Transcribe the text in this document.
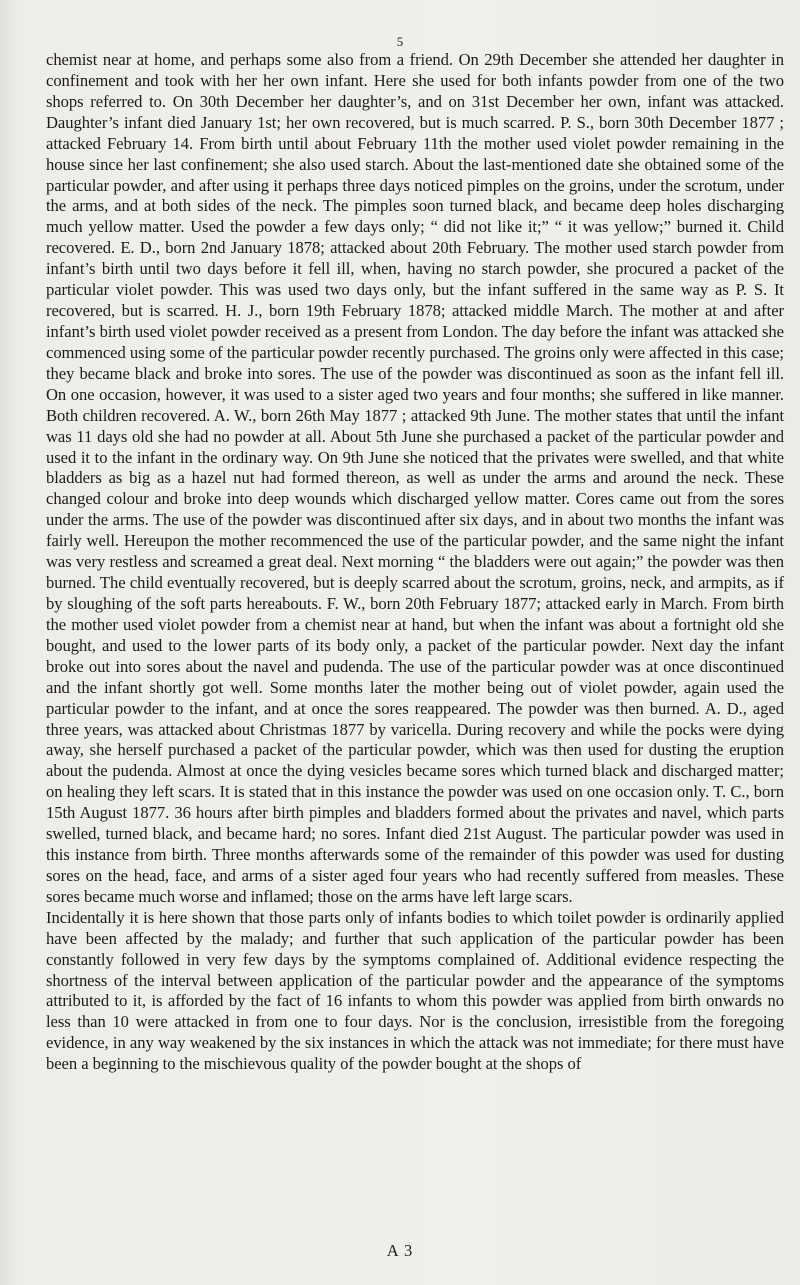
5

chemist near at home, and perhaps some also from a friend. On 29th December she attended her daughter in confinement and took with her her own infant. Here she used for both infants powder from one of the two shops referred to. On 30th December her daughter’s, and on 31st December her own, infant was attacked. Daughter’s infant died January 1st; her own recovered, but is much scarred. P. S., born 30th December 1877 ; attacked February 14. From birth until about February 11th the mother used violet powder remaining in the house since her last confinement; she also used starch. About the last-mentioned date she obtained some of the particular powder, and after using it perhaps three days noticed pimples on the groins, under the scrotum, under the arms, and at both sides of the neck. The pimples soon turned black, and became deep holes discharging much yellow matter. Used the powder a few days only; “ did not like it;” “ it was yellow;” burned it. Child recovered. E. D., born 2nd January 1878; attacked about 20th February. The mother used starch powder from infant’s birth until two days before it fell ill, when, having no starch powder, she procured a packet of the particular violet powder. This was used two days only, but the infant suffered in the same way as P. S. It recovered, but is scarred. H. J., born 19th February 1878; attacked middle March. The mother at and after infant’s birth used violet powder received as a present from London. The day before the infant was attacked she commenced using some of the particular powder recently purchased. The groins only were affected in this case; they became black and broke into sores. The use of the powder was discontinued as soon as the infant fell ill. On one occasion, however, it was used to a sister aged two years and four months; she suffered in like manner. Both children recovered. A. W., born 26th May 1877 ; attacked 9th June. The mother states that until the infant was 11 days old she had no powder at all. About 5th June she purchased a packet of the particular powder and used it to the infant in the ordinary way. On 9th June she noticed that the privates were swelled, and that white bladders as big as a hazel nut had formed thereon, as well as under the arms and around the neck. These changed colour and broke into deep wounds which discharged yellow matter. Cores came out from the sores under the arms. The use of the powder was discontinued after six days, and in about two months the infant was fairly well. Hereupon the mother recommenced the use of the particular powder, and the same night the infant was very restless and screamed a great deal. Next morning “ the bladders were out again;” the powder was then burned. The child eventually recovered, but is deeply scarred about the scrotum, groins, neck, and armpits, as if by sloughing of the soft parts hereabouts. F. W., born 20th February 1877; attacked early in March. From birth the mother used violet powder from a chemist near at hand, but when the infant was about a fortnight old she bought, and used to the lower parts of its body only, a packet of the particular powder. Next day the infant broke out into sores about the navel and pudenda. The use of the particular powder was at once discontinued and the infant shortly got well. Some months later the mother being out of violet powder, again used the particular powder to the infant, and at once the sores reappeared. The powder was then burned. A. D., aged three years, was attacked about Christmas 1877 by varicella. During recovery and while the pocks were dying away, she herself purchased a packet of the particular powder, which was then used for dusting the eruption about the pudenda. Almost at once the dying vesicles became sores which turned black and discharged matter; on healing they left scars. It is stated that in this instance the powder was used on one occasion only. T. C., born 15th August 1877. 36 hours after birth pimples and bladders formed about the privates and navel, which parts swelled, turned black, and became hard; no sores. Infant died 21st August. The particular powder was used in this instance from birth. Three months afterwards some of the remainder of this powder was used for dusting sores on the head, face, and arms of a sister aged four years who had recently suffered from measles. These sores became much worse and inflamed; those on the arms have left large scars.

Incidentally it is here shown that those parts only of infants bodies to which toilet powder is ordinarily applied have been affected by the malady; and further that such application of the particular powder has been constantly followed in very few days by the symptoms complained of. Additional evidence respecting the shortness of the interval between application of the particular powder and the appearance of the symptoms attributed to it, is afforded by the fact of 16 infants to whom this powder was applied from birth onwards no less than 10 were attacked in from one to four days. Nor is the conclusion, irresistible from the foregoing evidence, in any way weakened by the six instances in which the attack was not immediate; for there must have been a beginning to the mischievous quality of the powder bought at the shops of

A 3
